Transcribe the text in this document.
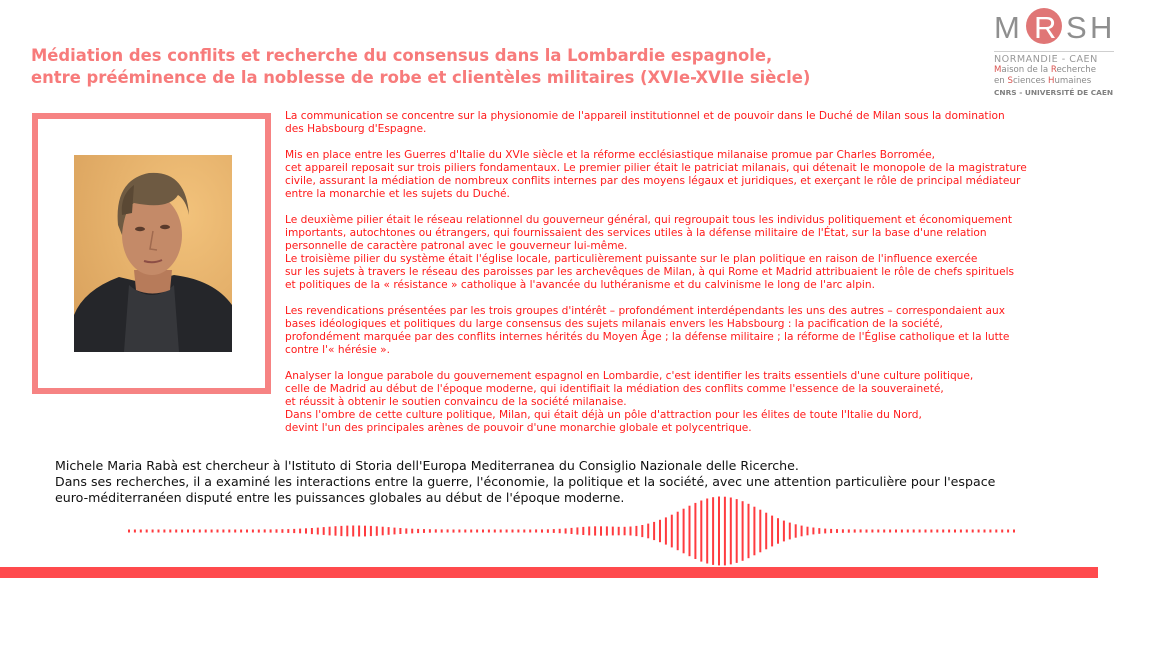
M R S H
NORMANDIE - CAEN
Maison de la Recherche
en Sciences Humaines
CNRS - UNIVERSITÉ DE CAEN
Médiation des conflits et recherche du consensus dans la Lombardie espagnole,
entre prééminence de la noblesse de robe et clientèles militaires (XVIe-XVIIe siècle)

La communication se concentre sur la physionomie de l'appareil institutionnel et de pouvoir dans le Duché de Milan sous la domination
des Habsbourg d'Espagne.

Mis en place entre les Guerres d'Italie du XVIe siècle et la réforme ecclésiastique milanaise promue par Charles Borromée,
cet appareil reposait sur trois piliers fondamentaux. Le premier pilier était le patriciat milanais, qui détenait le monopole de la magistrature
civile, assurant la médiation de nombreux conflits internes par des moyens légaux et juridiques, et exerçant le rôle de principal médiateur
entre la monarchie et les sujets du Duché.

Le deuxième pilier était le réseau relationnel du gouverneur général, qui regroupait tous les individus politiquement et économiquement
importants, autochtones ou étrangers, qui fournissaient des services utiles à la défense militaire de l'État, sur la base d'une relation
personnelle de caractère patronal avec le gouverneur lui-même.

Le troisième pilier du système était l'église locale, particulièrement puissante sur le plan politique en raison de l'influence exercée
sur les sujets à travers le réseau des paroisses par les archevêques de Milan, à qui Rome et Madrid attribuaient le rôle de chefs spirituels
et politiques de la « résistance » catholique à l'avancée du luthéranisme et du calvinisme le long de l'arc alpin.

Les revendications présentées par les trois groupes d'intérêt – profondément interdépendants les uns des autres – correspondaient aux
bases idéologiques et politiques du large consensus des sujets milanais envers les Habsbourg : la pacification de la société,
profondément marquée par des conflits internes hérités du Moyen Âge ; la défense militaire ; la réforme de l'Église catholique et la lutte
contre l'« hérésie ».

Analyser la longue parabole du gouvernement espagnol en Lombardie, c'est identifier les traits essentiels d'une culture politique,
celle de Madrid au début de l'époque moderne, qui identifiait la médiation des conflits comme l'essence de la souveraineté,
et réussit à obtenir le soutien convaincu de la société milanaise.

Dans l'ombre de cette culture politique, Milan, qui était déjà un pôle d'attraction pour les élites de toute l'Italie du Nord,
devint l'un des principales arènes de pouvoir d'une monarchie globale et polycentrique.

Michele Maria Rabà est chercheur à l'Istituto di Storia dell'Europa Mediterranea du Consiglio Nazionale delle Ricerche.
Dans ses recherches, il a examiné les interactions entre la guerre, l'économie, la politique et la société, avec une attention particulière pour l'espace
euro-méditerranéen disputé entre les puissances globales au début de l'époque moderne.
